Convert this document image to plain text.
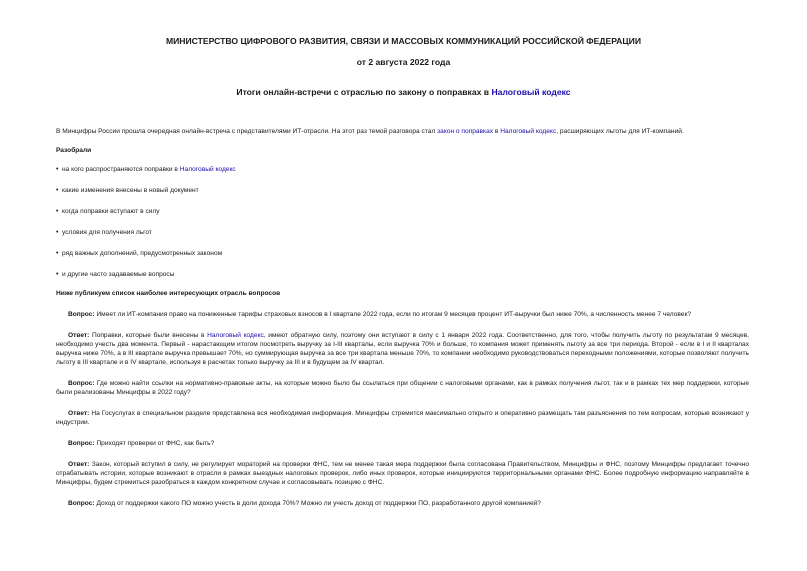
МИНИСТЕРСТВО ЦИФРОВОГО РАЗВИТИЯ, СВЯЗИ И МАССОВЫХ КОММУНИКАЦИЙ РОССИЙСКОЙ ФЕДЕРАЦИИ
от 2 августа 2022 года
Итоги онлайн-встречи с отраслью по закону о поправках в Налоговый кодекс

В Минцифры России прошла очередная онлайн-встреча с представителями ИТ-отрасли. На этот раз темой разговора стал закон о поправках в Налоговый кодекс, расширяющих льготы для ИТ-компаний.

Разобрали

• на кого распространяются поправки в Налоговый кодекс
• какие изменения внесены в новый документ
• когда поправки вступают в силу
• условия для получения льгот
• ряд важных дополнений, предусмотренных законом
• и другие часто задаваемые вопросы

Ниже публикуем список наиболее интересующих отрасль вопросов

Вопрос: Имеет ли ИТ-компания право на пониженные тарифы страховых взносов в I квартале 2022 года, если по итогам 9 месяцев процент ИТ-выручки был ниже 70%, а численность менее 7 человек?

Ответ: Поправки, которые были внесены в Налоговый кодекс, имеют обратную силу, поэтому они вступают в силу с 1 января 2022 года. Соответственно, для того, чтобы получить льготу по результатам 9 месяцев, необходимо учесть два момента. Первый - нарастающим итогом посмотреть выручку за I-III кварталы, если выручка 70% и больше, то компания может применять льготу за все три периода. Второй - если в I и II кварталах выручка ниже 70%, а в III квартале выручка превышает 70%, но суммирующая выручка за все три квартала меньше 70%, то компании необходимо руководствоваться переходными положениями, которые позволяют получить льготу в III квартале и в IV квартале, используя в расчетах только выручку за III и в будущем за IV квартал.

Вопрос: Где можно найти ссылки на нормативно-правовые акты, на которые можно было бы ссылаться при общении с налоговыми органами, как в рамках получения льгот, так и в рамках тех мер поддержки, которые были реализованы Минцифры в 2022 году?

Ответ: На Госуслугах в специальном разделе представлена вся необходимая информация. Минцифры стремится максимально открыто и оперативно размещать там разъяснения по тем вопросам, которые возникают у индустрии.

Вопрос: Приходят проверки от ФНС, как быть?

Ответ: Закон, который вступил в силу, не регулирует мораторий на проверки ФНС, тем не менее такая мера поддержки была согласована Правительством, Минцифры и ФНС, поэтому Минцифры предлагает точечно отрабатывать истории, которые возникают в отрасли в рамках выездных налоговых проверок, либо иных проверок, которые инициируются территориальными органами ФНС. Более подробную информацию направляйте в Минцифры, будем стремиться разобраться в каждом конкретном случае и согласовывать позицию с ФНС.

Вопрос: Доход от поддержки какого ПО можно учесть в доли дохода 70%? Можно ли учесть доход от поддержки ПО, разработанного другой компанией?
